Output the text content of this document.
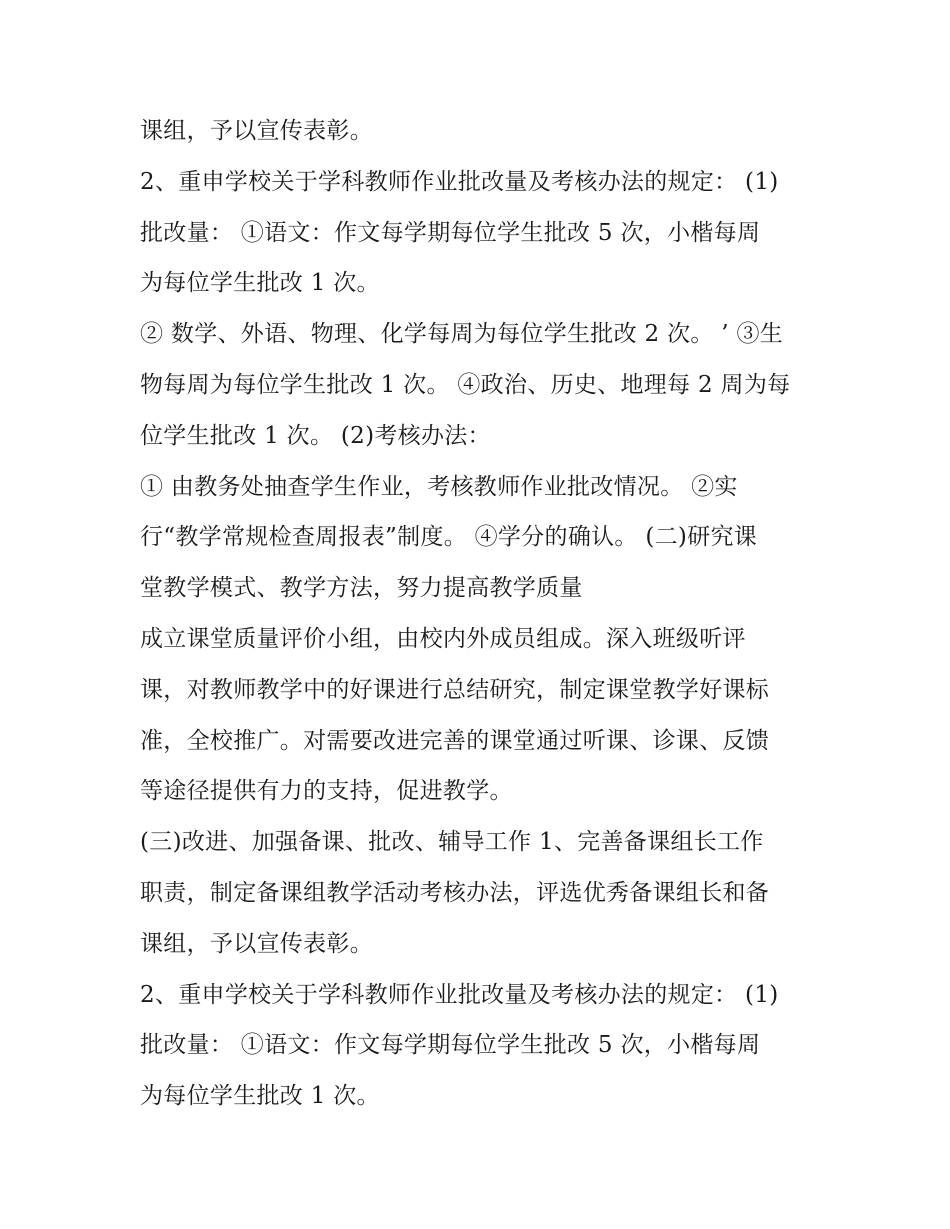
课组，予以宣传表彰。
2、重申学校关于学科教师作业批改量及考核办法的规定： (1)
批改量： ①语文：作文每学期每位学生批改 5 次，小楷每周
为每位学生批改 1 次。
② 数学、外语、物理、化学每周为每位学生批改 2 次。 ’ ③生
物每周为每位学生批改 1 次。 ④政治、历史、地理每 2 周为每
位学生批改 1 次。 (2)考核办法：
① 由教务处抽查学生作业，考核教师作业批改情况。 ②实
行“教学常规检查周报表”制度。 ④学分的确认。 (二)研究课
堂教学模式、教学方法，努力提高教学质量
成立课堂质量评价小组，由校内外成员组成。深入班级听评
课，对教师教学中的好课进行总结研究，制定课堂教学好课标
准，全校推广。对需要改进完善的课堂通过听课、诊课、反馈
等途径提供有力的支持，促进教学。
(三)改进、加强备课、批改、辅导工作 1、完善备课组长工作
职责，制定备课组教学活动考核办法，评选优秀备课组长和备
课组，予以宣传表彰。
2、重申学校关于学科教师作业批改量及考核办法的规定： (1)
批改量： ①语文：作文每学期每位学生批改 5 次，小楷每周
为每位学生批改 1 次。
